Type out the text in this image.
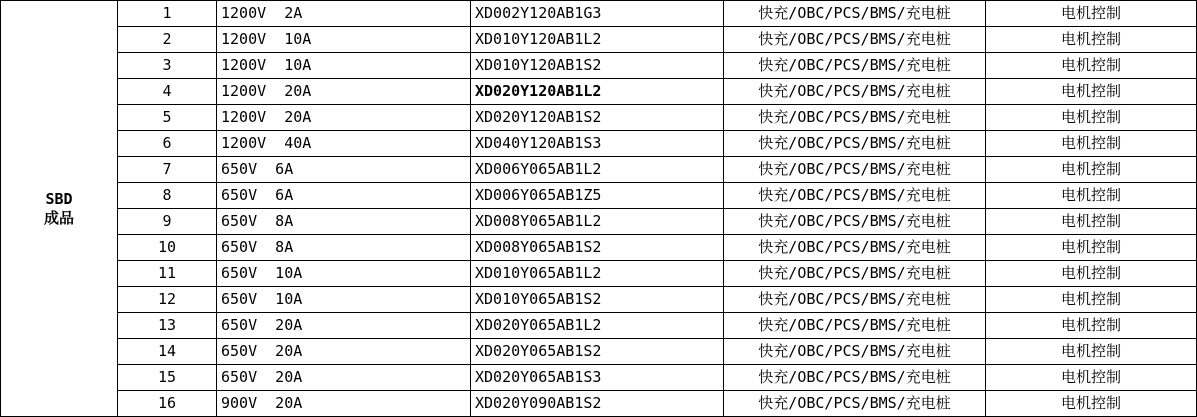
SBD
成品
1	1200V  2A	XD002Y120AB1G3	快充/OBC/PCS/BMS/充电桩	电机控制
2	1200V  10A	XD010Y120AB1L2	快充/OBC/PCS/BMS/充电桩	电机控制
3	1200V  10A	XD010Y120AB1S2	快充/OBC/PCS/BMS/充电桩	电机控制
4	1200V  20A	XD020Y120AB1L2	快充/OBC/PCS/BMS/充电桩	电机控制
5	1200V  20A	XD020Y120AB1S2	快充/OBC/PCS/BMS/充电桩	电机控制
6	1200V  40A	XD040Y120AB1S3	快充/OBC/PCS/BMS/充电桩	电机控制
7	650V  6A	XD006Y065AB1L2	快充/OBC/PCS/BMS/充电桩	电机控制
8	650V  6A	XD006Y065AB1Z5	快充/OBC/PCS/BMS/充电桩	电机控制
9	650V  8A	XD008Y065AB1L2	快充/OBC/PCS/BMS/充电桩	电机控制
10	650V  8A	XD008Y065AB1S2	快充/OBC/PCS/BMS/充电桩	电机控制
11	650V  10A	XD010Y065AB1L2	快充/OBC/PCS/BMS/充电桩	电机控制
12	650V  10A	XD010Y065AB1S2	快充/OBC/PCS/BMS/充电桩	电机控制
13	650V  20A	XD020Y065AB1L2	快充/OBC/PCS/BMS/充电桩	电机控制
14	650V  20A	XD020Y065AB1S2	快充/OBC/PCS/BMS/充电桩	电机控制
15	650V  20A	XD020Y065AB1S3	快充/OBC/PCS/BMS/充电桩	电机控制
16	900V  20A	XD020Y090AB1S2	快充/OBC/PCS/BMS/充电桩	电机控制
